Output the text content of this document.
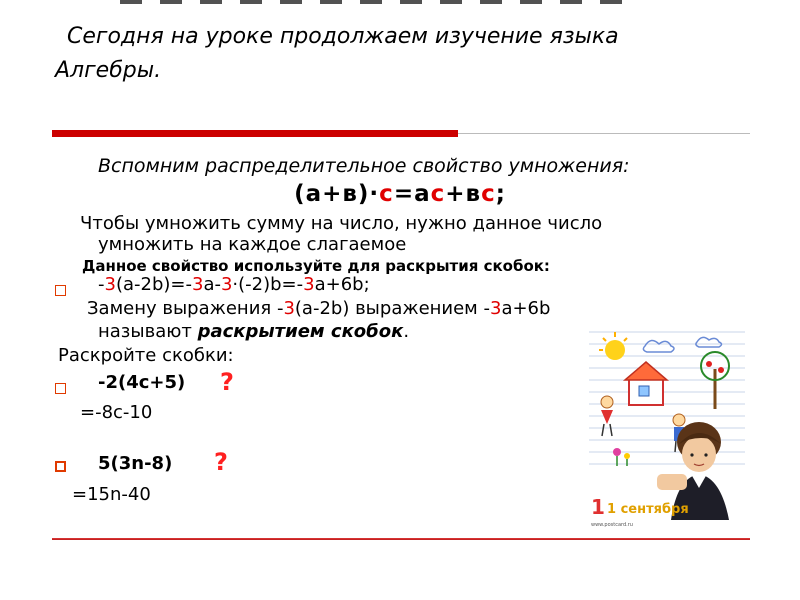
Сегодня на уроке продолжаем изучение языка
Алгебры.
Вспомним распределительное свойство умножения:
(а+в)·с=ас+вс;
Чтобы умножить сумму на число, нужно данное число
умножить на каждое слагаемое
Данное свойство используйте для раскрытия скобок:
-3(а-2b)=-3a-3·(-2)b=-3a+6b;
Замену выражения -3(а-2b) выражением -3а+6b
называют раскрытием скобок.
Раскройте скобки:
-2(4с+5) ?
=-8с-10
5(3n-8) ?
=15n-40
1 1 сентября
www.postcard.ru
